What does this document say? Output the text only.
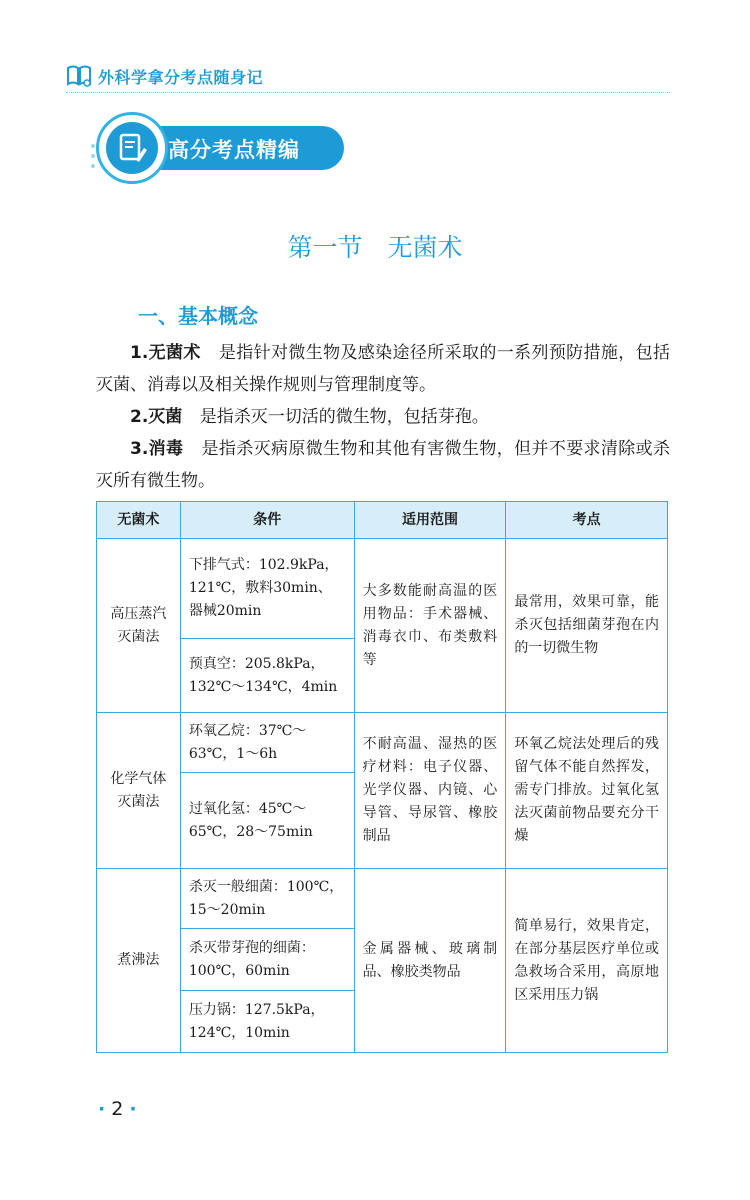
外科学拿分考点随身记
高分考点精编
第一节　无菌术
一、基本概念
1.无菌术 是指针对微生物及感染途径所采取的一系列预防措施，包括灭菌、消毒以及相关操作规则与管理制度等。
2.灭菌 是指杀灭一切活的微生物，包括芽孢。
3.消毒 是指杀灭病原微生物和其他有害微生物，但并不要求清除或杀灭所有微生物。
无菌术	条件	适用范围	考点
高压蒸汽灭菌法	下排气式：102.9kPa，121℃，敷料30min、器械20min	大多数能耐高温的医用物品：手术器械、消毒衣巾、布类敷料等	最常用，效果可靠，能杀灭包括细菌芽孢在内的一切微生物
	预真空：205.8kPa，132℃～134℃，4min		
化学气体灭菌法	环氧乙烷：37℃～63℃，1～6h	不耐高温、湿热的医疗材料：电子仪器、光学仪器、内镜、心导管、导尿管、橡胶制品	环氧乙烷法处理后的残留气体不能自然挥发，需专门排放。过氧化氢法灭菌前物品要充分干燥
	过氧化氢：45℃～65℃，28～75min		
煮沸法	杀灭一般细菌：100℃，15～20min	金属器械、玻璃制品、橡胶类物品	简单易行，效果肯定，在部分基层医疗单位或急救场合采用，高原地区采用压力锅
	杀灭带芽孢的细菌：100℃，60min		
	压力锅：127.5kPa，124℃，10min		
· 2 ·
